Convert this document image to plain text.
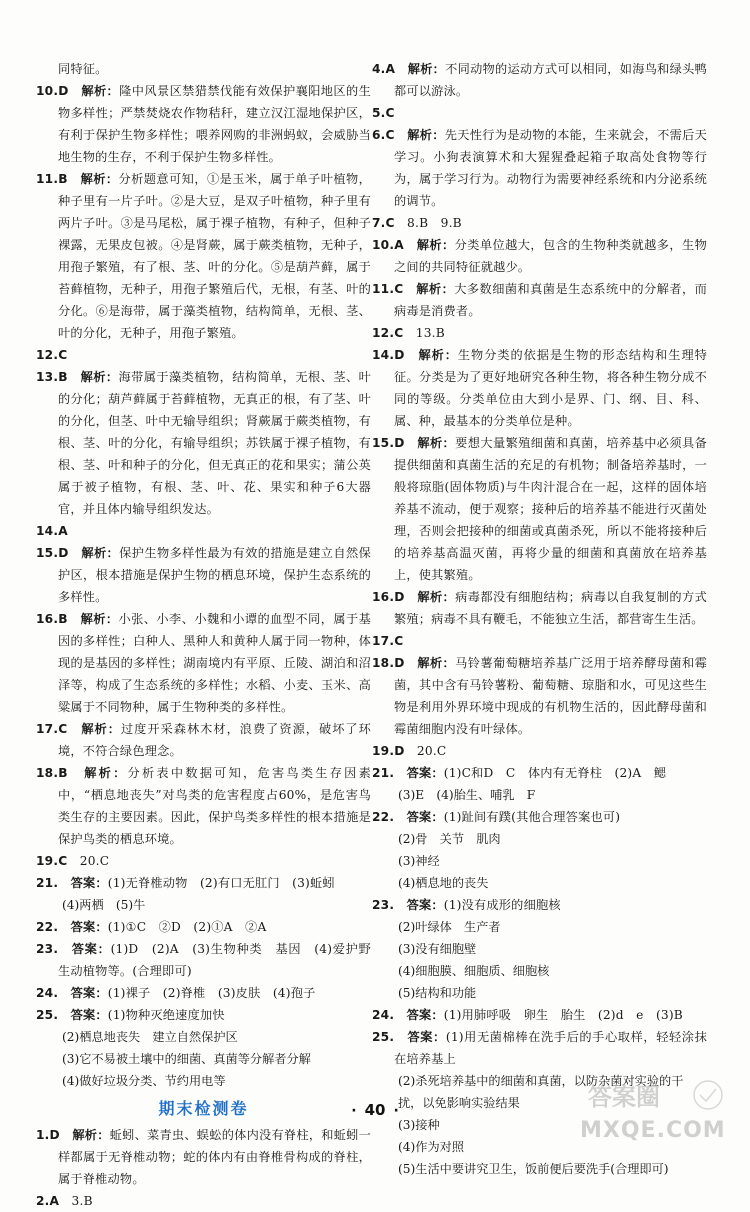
同特征。

10.D　 解析：隆中风景区禁猎禁伐能有效保护襄阳地区的生物多样性；严禁焚烧农作物秸秆，建立汉江湿地保护区，有利于保护生物多样性；喂养网购的非洲蚂蚁，会威胁当地生物的生存，不利于保护生物多样性。

11.B　 解析：分析题意可知，①是玉米，属于单子叶植物，种子里有一片子叶。②是大豆，是双子叶植物，种子里有两片子叶。③是马尾松，属于裸子植物，有种子，但种子裸露，无果皮包被。④是肾蕨，属于蕨类植物，无种子，用孢子繁殖，有了根、茎、叶的分化。⑤是葫芦藓，属于苔藓植物，无种子，用孢子繁殖后代，无根，有茎、叶的分化。⑥是海带，属于藻类植物，结构简单，无根、茎、叶的分化，无种子，用孢子繁殖。

12.C

13.B　 解析：海带属于藻类植物，结构简单，无根、茎、叶的分化；葫芦藓属于苔藓植物，无真正的根，有了茎、叶的分化，但茎、叶中无输导组织；肾蕨属于蕨类植物，有根、茎、叶的分化，有输导组织；苏铁属于裸子植物，有根、茎、叶和种子的分化，但无真正的花和果实；蒲公英属于被子植物，有根、茎、叶、花、果实和种子6大器官，并且体内输导组织发达。

14.A

15.D　 解析：保护生物多样性最为有效的措施是建立自然保护区，根本措施是保护生物的栖息环境，保护生态系统的多样性。

16.B　 解析：小张、小李、小魏和小谭的血型不同，属于基因的多样性；白种人、黑种人和黄种人属于同一物种，体现的是基因的多样性；湖南境内有平原、丘陵、湖泊和沼泽等，构成了生态系统的多样性；水稻、小麦、玉米、高粱属于不同物种，属于生物种类的多样性。

17.C　 解析：过度开采森林木材，浪费了资源，破坏了环境，不符合绿色理念。

18.B　 解析：分析表中数据可知，危害鸟类生存因素中，“栖息地丧失”对鸟类的危害程度占60%，是危害鸟类生存的主要因素。因此，保护鸟类多样性的根本措施是保护鸟类的栖息环境。

19.C　 20.C

21.　 答案：(1)无脊椎动物　(2)有口无肛门　(3)蚯蚓

(4)两栖　(5)牛

22.　 答案：(1)①C　②D　(2)①A　②A

23.　 答案：(1)D　(2)A　(3)生物种类　基因　(4)爱护野生动植物等。(合理即可)

24.　 答案：(1)裸子　(2)脊椎　(3)皮肤　(4)孢子

25.　 答案：(1)物种灭绝速度加快

(2)栖息地丧失　建立自然保护区

(3)它不易被土壤中的细菌、真菌等分解者分解

(4)做好垃圾分类、节约用电等

期末检测卷

1.D　 解析：蚯蚓、菜青虫、蜈蚣的体内没有脊柱，和蚯蚓一样都属于无脊椎动物；蛇的体内有由脊椎骨构成的脊柱，属于脊椎动物。

2.A　 3.B

4.A　 解析：不同动物的运动方式可以相同，如海鸟和绿头鸭都可以游泳。

5.C

6.C　 解析：先天性行为是动物的本能，生来就会，不需后天学习。小狗表演算术和大猩猩叠起箱子取高处食物等行为，属于学习行为。动物行为需要神经系统和内分泌系统的调节。

7.C　 8.B　9.B

10.A　 解析：分类单位越大，包含的生物种类就越多，生物之间的共同特征就越少。

11.C　 解析：大多数细菌和真菌是生态系统中的分解者，而病毒是消费者。

12.C　 13.B

14.D　 解析：生物分类的依据是生物的形态结构和生理特征。分类是为了更好地研究各种生物，将各种生物分成不同的等级。分类单位由大到小是界、门、纲、目、科、属、种，最基本的分类单位是种。

15.D　 解析：要想大量繁殖细菌和真菌，培养基中必须具备提供细菌和真菌生活的充足的有机物；制备培养基时，一般将琼脂(固体物质)与牛肉汁混合在一起，这样的固体培养基不流动，便于观察；接种后的培养基不能进行灭菌处理，否则会把接种的细菌或真菌杀死，所以不能将接种后的培养基高温灭菌，再将少量的细菌和真菌放在培养基上，使其繁殖。

16.D　 解析：病毒都没有细胞结构；病毒以自我复制的方式繁殖；病毒不具有鞭毛，不能独立生活，都营寄生生活。

17.C

18.D　 解析：马铃薯葡萄糖培养基广泛用于培养酵母菌和霉菌，其中含有马铃薯粉、葡萄糖、琼脂和水，可见这些生物是利用外界环境中现成的有机物生活的，因此酵母菌和霉菌细胞内没有叶绿体。

19.D　 20.C

21.　 答案：(1)C和D　C　体内有无脊柱　(2)A　鳃

(3)E　(4)胎生、哺乳　F

22.　 答案：(1)趾间有蹼(其他合理答案也可)

(2)骨　关节　肌肉

(3)神经

(4)栖息地的丧失

23.　 答案：(1)没有成形的细胞核

(2)叶绿体　生产者

(3)没有细胞壁

(4)细胞膜、细胞质、细胞核

(5)结构和功能

24.　 答案：(1)用肺呼吸　卵生　胎生　(2)d　e　(3)B

25.　 答案：(1)用无菌棉棒在洗手后的手心取样，轻轻涂抹在培养基上

(2)杀死培养基中的细菌和真菌，以防杂菌对实验的干扰，以免影响实验结果

(3)接种

(4)作为对照

(5)生活中要讲究卫生，饭前便后要洗手(合理即可)

· 40 ·	答案圈
MXQE.COM
